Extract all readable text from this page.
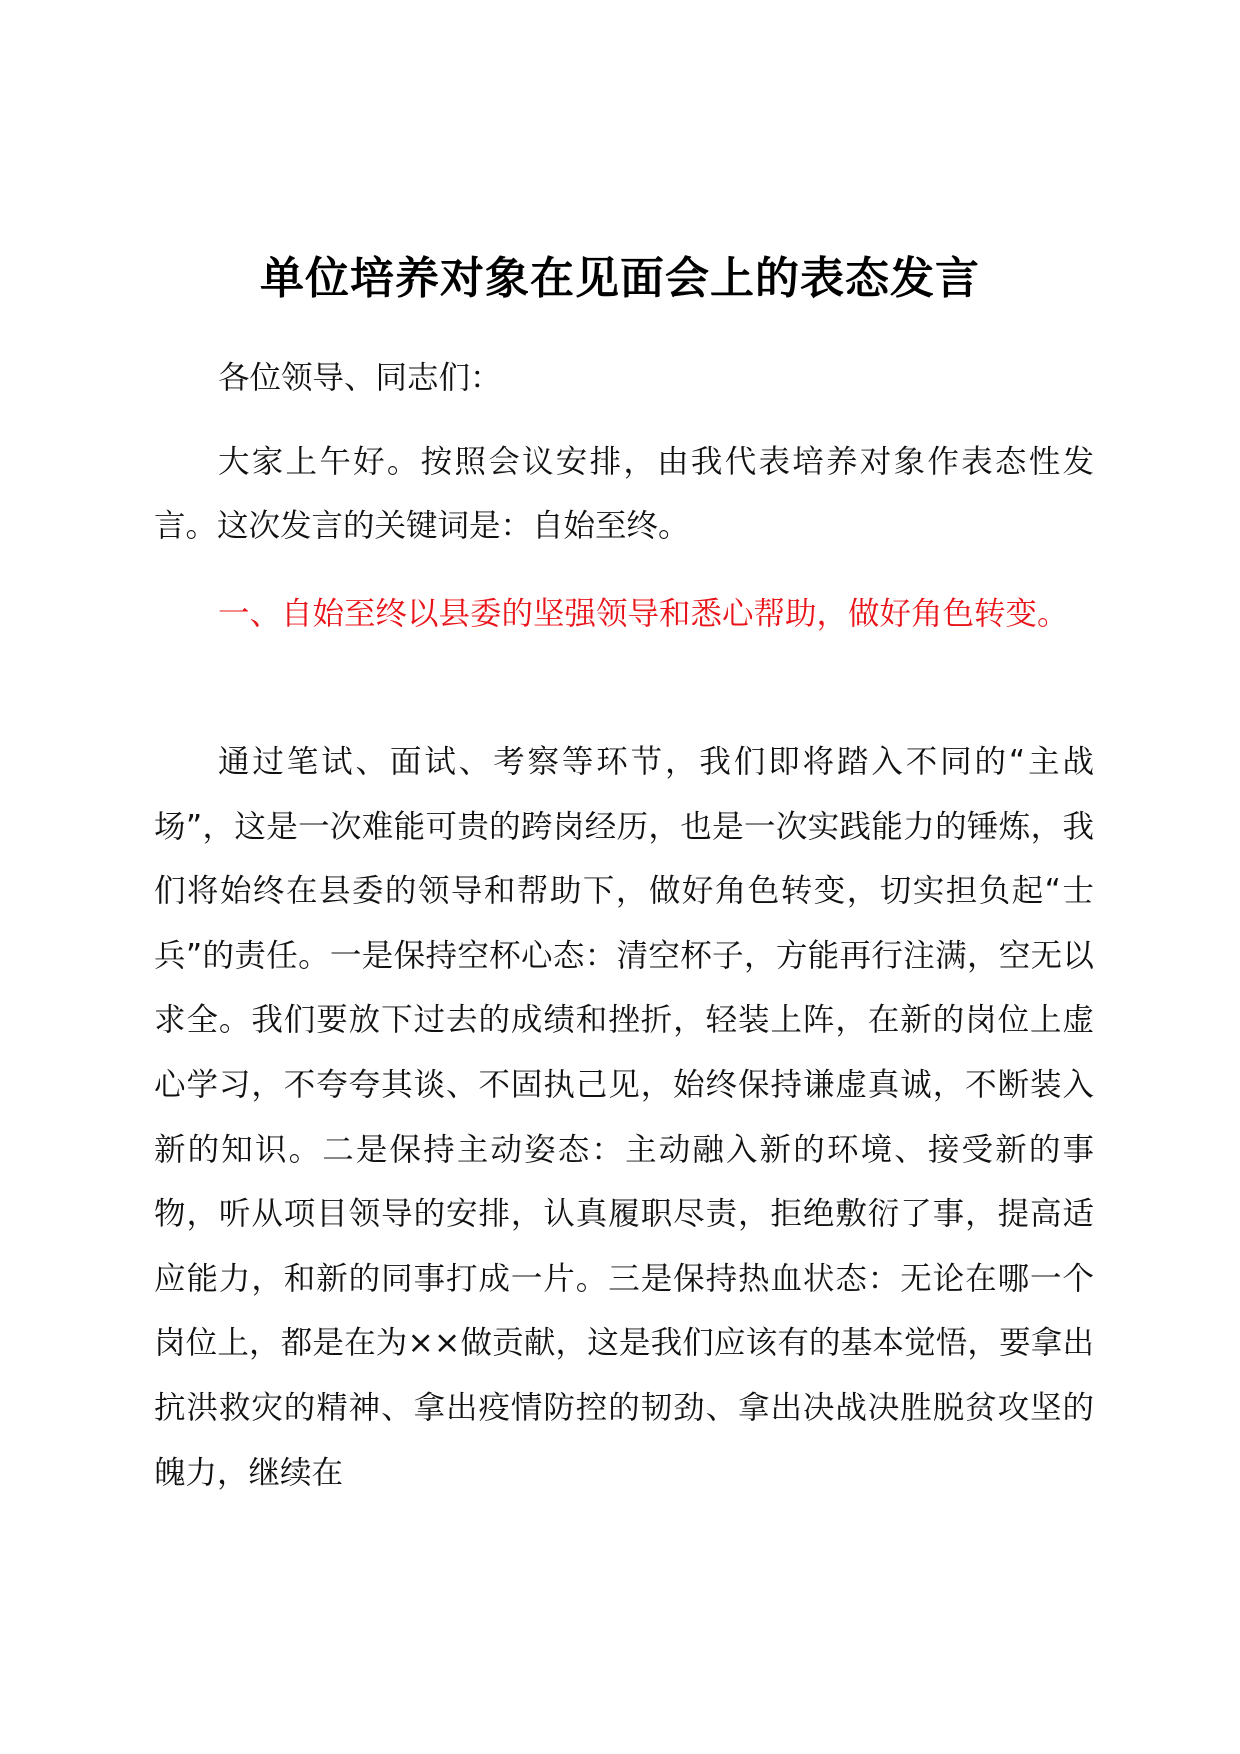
单位培养对象在见面会上的表态发言
各位领导、同志们：
大家上午好。按照会议安排，由我代表培养对象作表态性发言。这次发言的关键词是：自始至终。
一、自始至终以县委的坚强领导和悉心帮助，做好角色转变。
通过笔试、面试、考察等环节，我们即将踏入不同的“主战场”，这是一次难能可贵的跨岗经历，也是一次实践能力的锤炼，我们将始终在县委的领导和帮助下，做好角色转变，切实担负起“士兵”的责任。一是保持空杯心态：清空杯子，方能再行注满，空无以求全。我们要放下过去的成绩和挫折，轻装上阵，在新的岗位上虚心学习，不夸夸其谈、不固执己见，始终保持谦虚真诚，不断装入新的知识。二是保持主动姿态：主动融入新的环境、接受新的事物，听从项目领导的安排，认真履职尽责，拒绝敷衍了事，提高适应能力，和新的同事打成一片。三是保持热血状态：无论在哪一个岗位上，都是在为××做贡献，这是我们应该有的基本觉悟，要拿出抗洪救灾的精神、拿出疫情防控的韧劲、拿出决战决胜脱贫攻坚的魄力，继续在
